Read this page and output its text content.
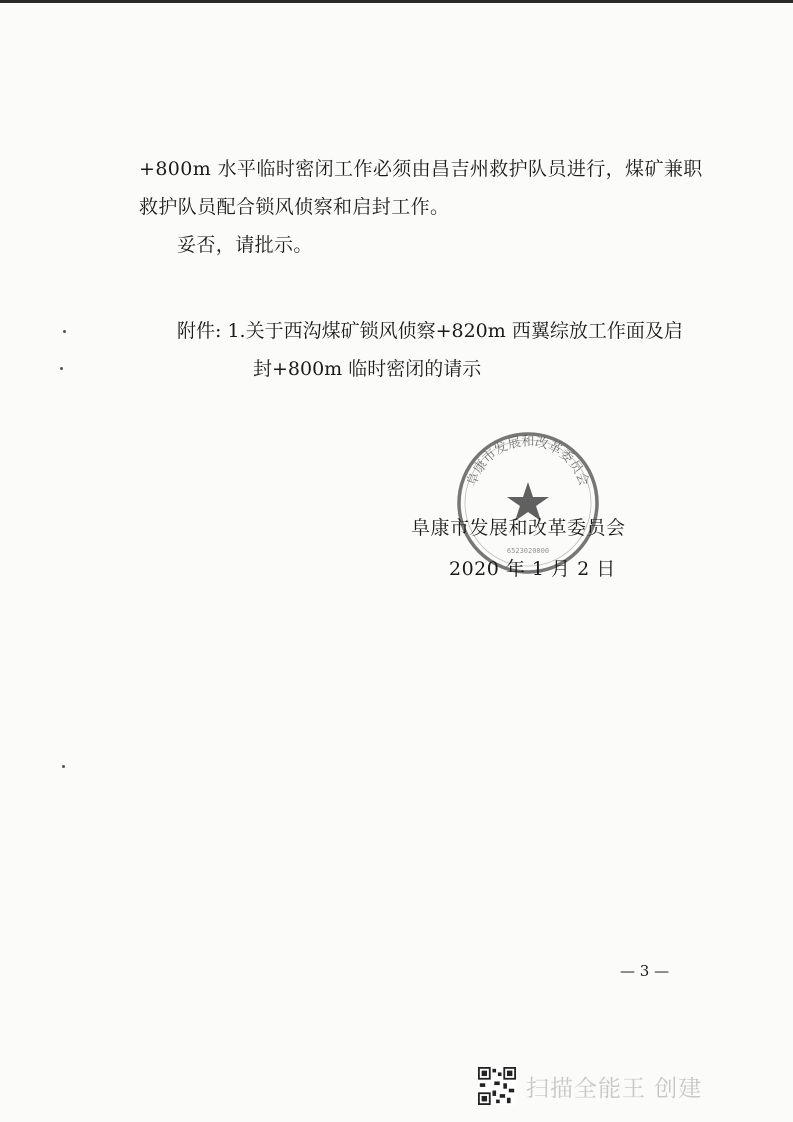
+800m 水平临时密闭工作必须由昌吉州救护队员进行，煤矿兼职
救护队员配合锁风侦察和启封工作。
妥否，请批示。
附件: 1.关于西沟煤矿锁风侦察+820m 西翼综放工作面及启
封+800m 临时密闭的请示
阜康市发展和改革委员会
6523020000
阜康市发展和改革委员会
2020 年 1 月 2 日
— 3 —
扫描全能王 创建
